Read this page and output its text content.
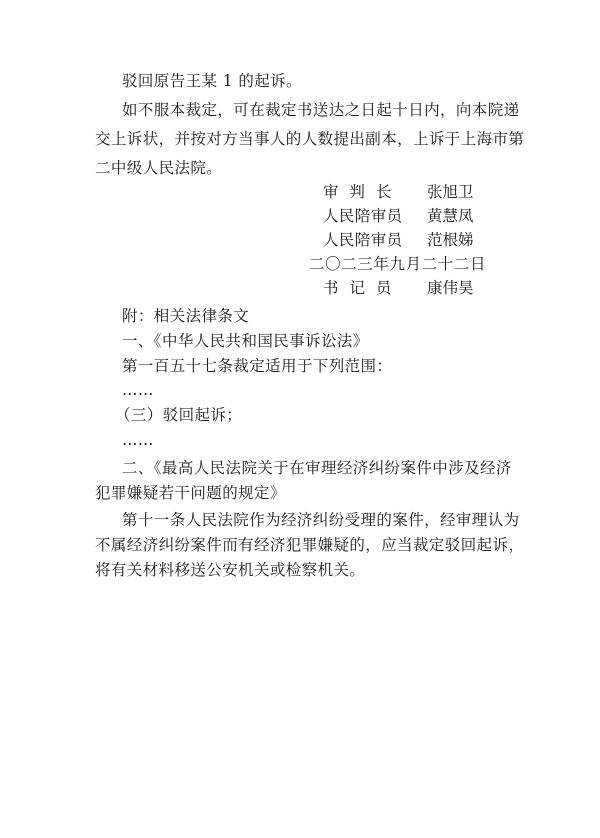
驳回原告王某 1 的起诉。
如不服本裁定，可在裁定书送达之日起十日内，向本院递
交上诉状，并按对方当事人的人数提出副本，上诉于上海市第
二中级人民法院。
审 判 长 张旭卫
人民陪审员 黄慧凤
人民陪审员 范根娣
二〇二三年九月二十二日
书 记 员 康伟昊
附：相关法律条文
一、《中华人民共和国民事诉讼法》
第一百五十七条裁定适用于下列范围：
……
（三）驳回起诉；
……
二、《最高人民法院关于在审理经济纠纷案件中涉及经济
犯罪嫌疑若干问题的规定》
第十一条人民法院作为经济纠纷受理的案件，经审理认为
不属经济纠纷案件而有经济犯罪嫌疑的，应当裁定驳回起诉，
将有关材料移送公安机关或检察机关。
